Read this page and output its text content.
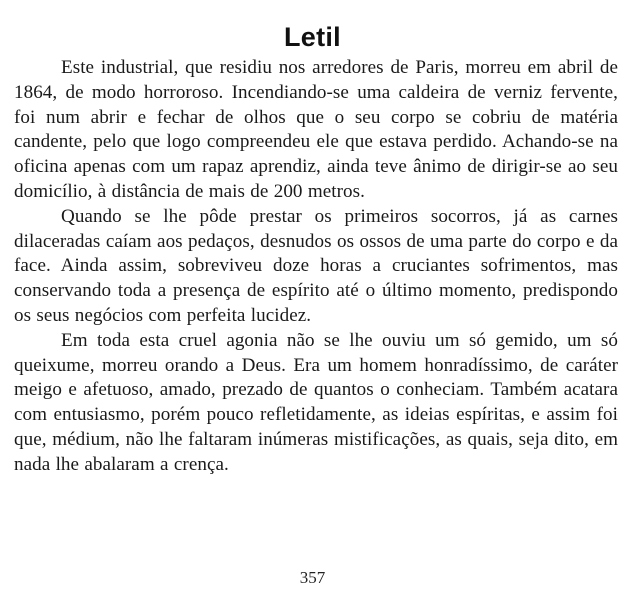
Letil

Este industrial, que residiu nos arredores de Paris, morreu em abril de 1864, de modo horroroso. Incendiando-se uma caldeira de verniz fervente, foi num abrir e fechar de olhos que o seu corpo se cobriu de matéria candente, pelo que logo compreendeu ele que estava perdido. Achando-se na oficina apenas com um rapaz aprendiz, ainda teve ânimo de dirigir-se ao seu domicílio, à distância de mais de 200 metros.

Quando se lhe pôde prestar os primeiros socorros, já as carnes dilaceradas caíam aos pedaços, desnudos os ossos de uma parte do corpo e da face. Ainda assim, sobreviveu doze horas a cruciantes sofrimentos, mas conservando toda a presença de espírito até o último momento, predispondo os seus negócios com perfeita lucidez.

Em toda esta cruel agonia não se lhe ouviu um só gemido, um só queixume, morreu orando a Deus. Era um homem honradíssimo, de caráter meigo e afetuoso, amado, prezado de quantos o conheciam. Também acatara com entusiasmo, porém pouco refletidamente, as ideias espíritas, e assim foi que, médium, não lhe faltaram inúmeras mistificações, as quais, seja dito, em nada lhe abalaram a crença.

357
